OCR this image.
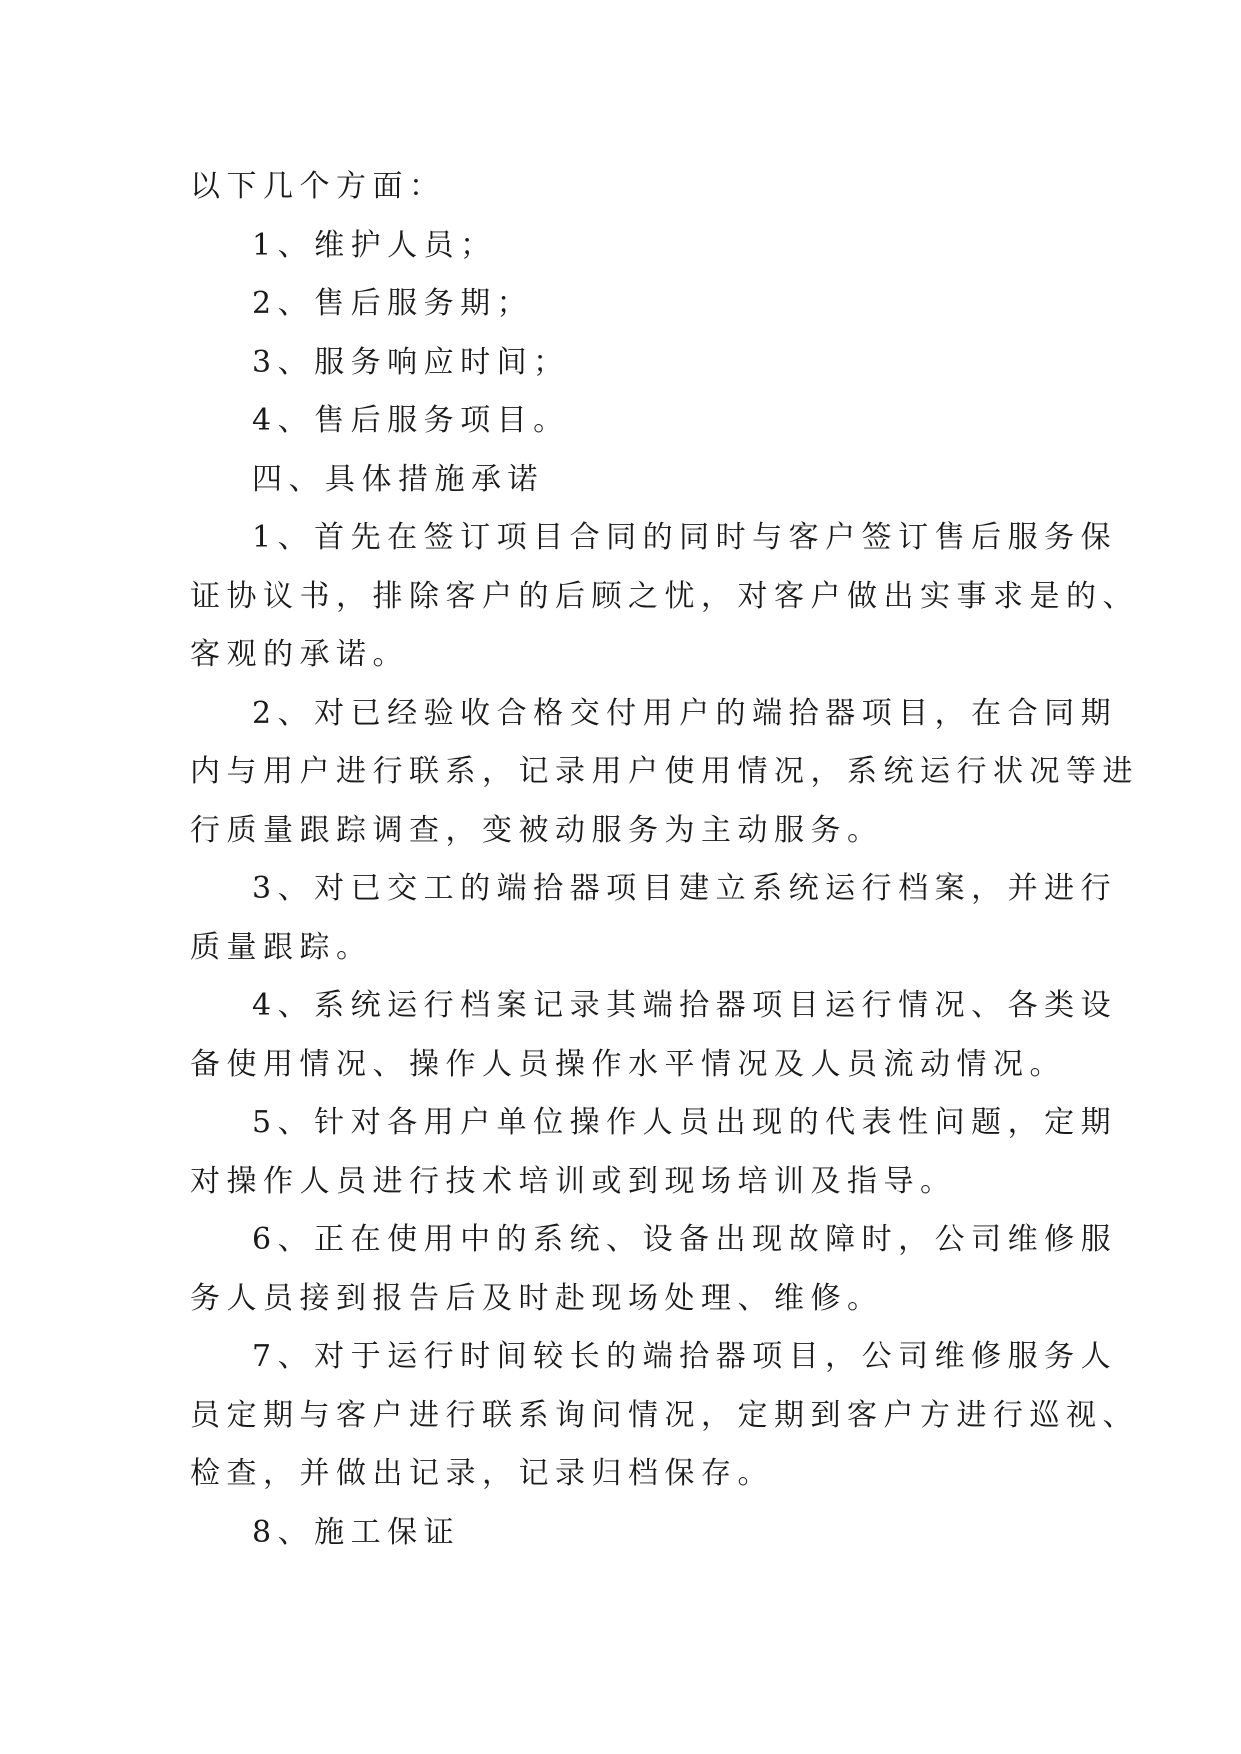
以下几个方面：

1、维护人员；

2、售后服务期；

3、服务响应时间；

4、售后服务项目。

四、具体措施承诺

1、首先在签订项目合同的同时与客户签订售后服务保

证协议书，排除客户的后顾之忧，对客户做出实事求是的、

客观的承诺。

2、对已经验收合格交付用户的端拾器项目，在合同期

内与用户进行联系，记录用户使用情况，系统运行状况等进

行质量跟踪调查，变被动服务为主动服务。

3、对已交工的端拾器项目建立系统运行档案，并进行

质量跟踪。

4、系统运行档案记录其端拾器项目运行情况、各类设

备使用情况、操作人员操作水平情况及人员流动情况。

5、针对各用户单位操作人员出现的代表性问题，定期

对操作人员进行技术培训或到现场培训及指导。

6、正在使用中的系统、设备出现故障时，公司维修服

务人员接到报告后及时赴现场处理、维修。

7、对于运行时间较长的端拾器项目，公司维修服务人

员定期与客户进行联系询问情况，定期到客户方进行巡视、

检查，并做出记录，记录归档保存。

8、施工保证
